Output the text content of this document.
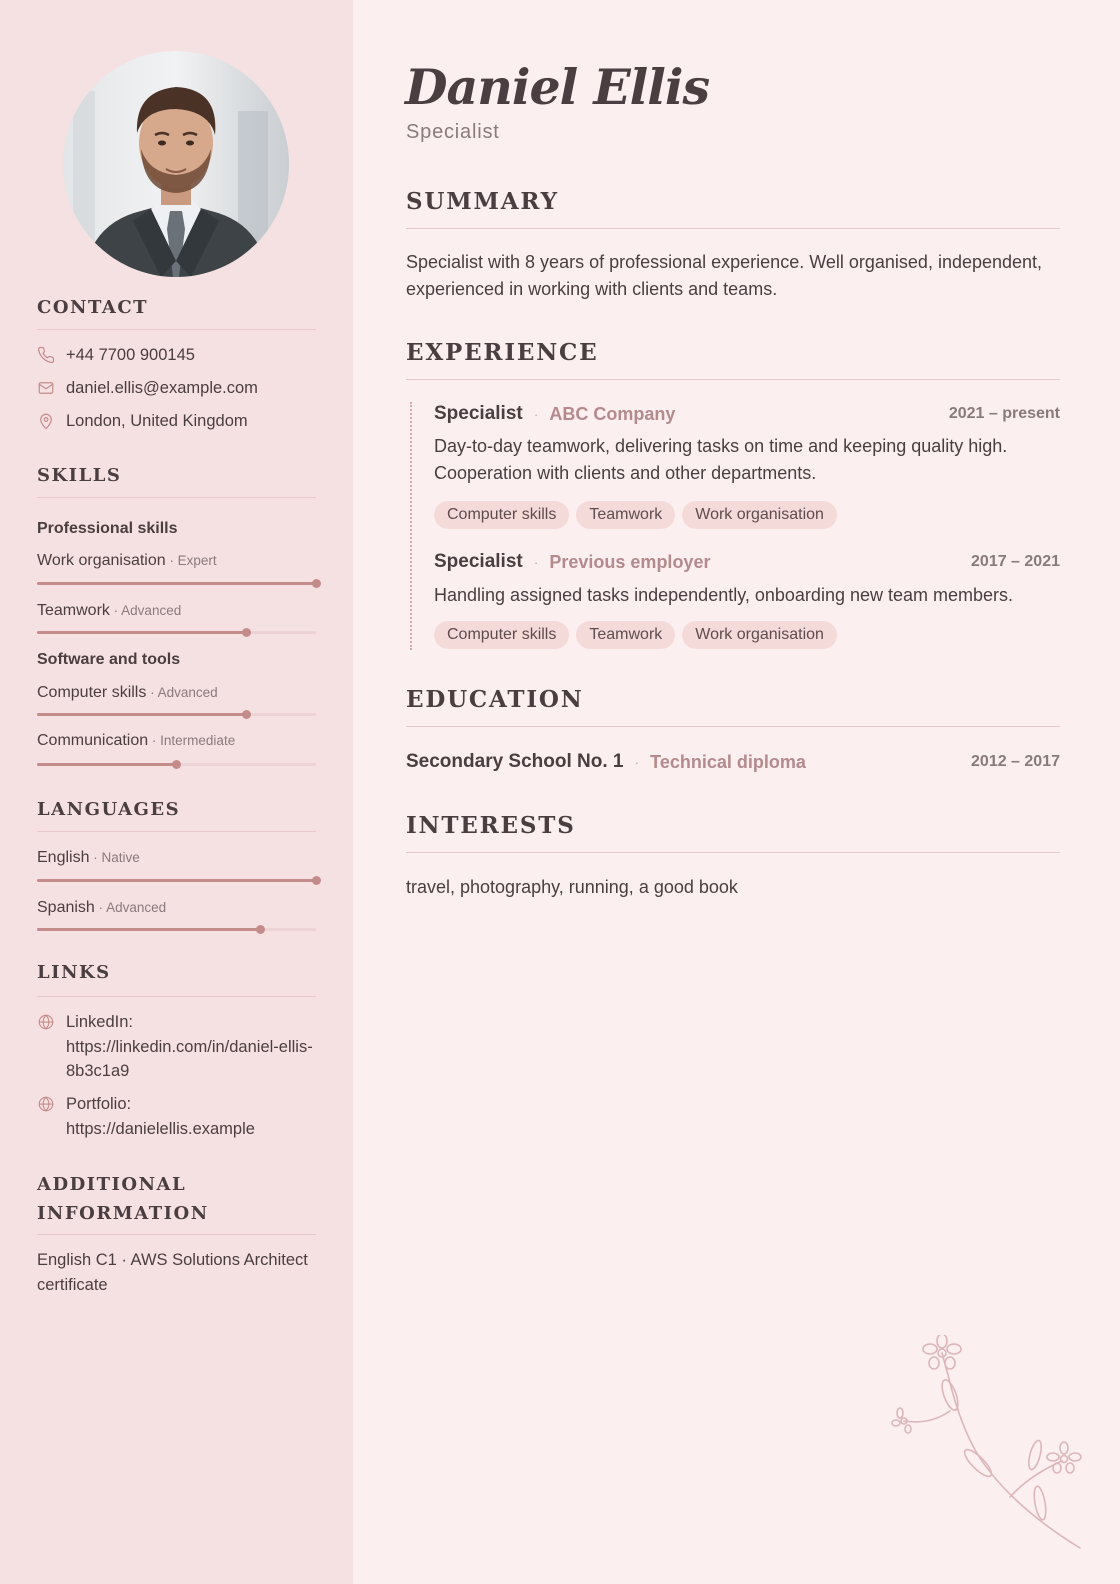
CONTACT
+44 7700 900145
daniel.ellis@example.com
London, United Kingdom
SKILLS
Professional skills
Work organisation · Expert
Teamwork · Advanced
Software and tools
Computer skills · Advanced
Communication · Intermediate
LANGUAGES
English · Native
Spanish · Advanced
LINKS
LinkedIn:
https://linkedin.com/in/daniel-ellis-8b3c1a9
Portfolio:
https://danielellis.example
ADDITIONAL
INFORMATION
English C1 · AWS Solutions Architect certificate
Daniel Ellis
Specialist
SUMMARY
Specialist with 8 years of professional experience. Well organised, independent, experienced in working with clients and teams.
EXPERIENCE
Specialist · ABC Company	2021 – present
Day-to-day teamwork, delivering tasks on time and keeping quality high. Cooperation with clients and other departments.
Computer skills	Teamwork	Work organisation
Specialist · Previous employer	2017 – 2021
Handling assigned tasks independently, onboarding new team members.
Computer skills	Teamwork	Work organisation
EDUCATION
Secondary School No. 1 · Technical diploma	2012 – 2017
INTERESTS
travel, photography, running, a good book
